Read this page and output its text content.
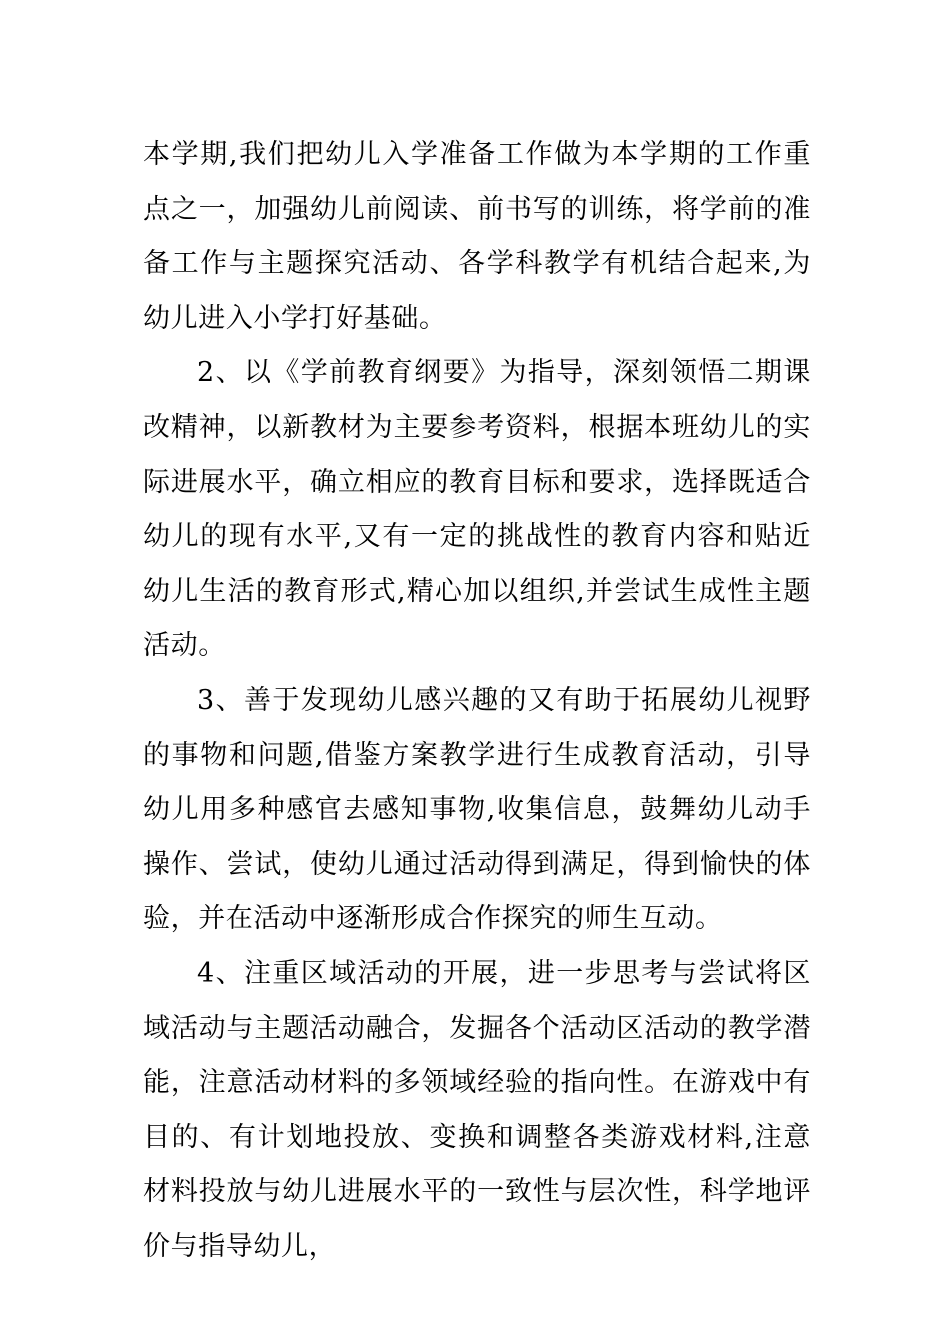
本学期,我们把幼儿入学准备工作做为本学期的工作重点之一，加强幼儿前阅读、前书写的训练，将学前的准备工作与主题探究活动、各学科教学有机结合起来,为幼儿进入小学打好基础。

2、以《学前教育纲要》为指导，深刻领悟二期课改精神，以新教材为主要参考资料，根据本班幼儿的实际进展水平，确立相应的教育目标和要求，选择既适合幼儿的现有水平,又有一定的挑战性的教育内容和贴近幼儿生活的教育形式,精心加以组织,并尝试生成性主题活动。

3、善于发现幼儿感兴趣的又有助于拓展幼儿视野的事物和问题,借鉴方案教学进行生成教育活动，引导幼儿用多种感官去感知事物,收集信息，鼓舞幼儿动手操作、尝试，使幼儿通过活动得到满足，得到愉快的体验，并在活动中逐渐形成合作探究的师生互动。

4、注重区域活动的开展，进一步思考与尝试将区域活动与主题活动融合，发掘各个活动区活动的教学潜能，注意活动材料的多领域经验的指向性。在游戏中有目的、有计划地投放、变换和调整各类游戏材料,注意材料投放与幼儿进展水平的一致性与层次性，科学地评价与指导幼儿，
